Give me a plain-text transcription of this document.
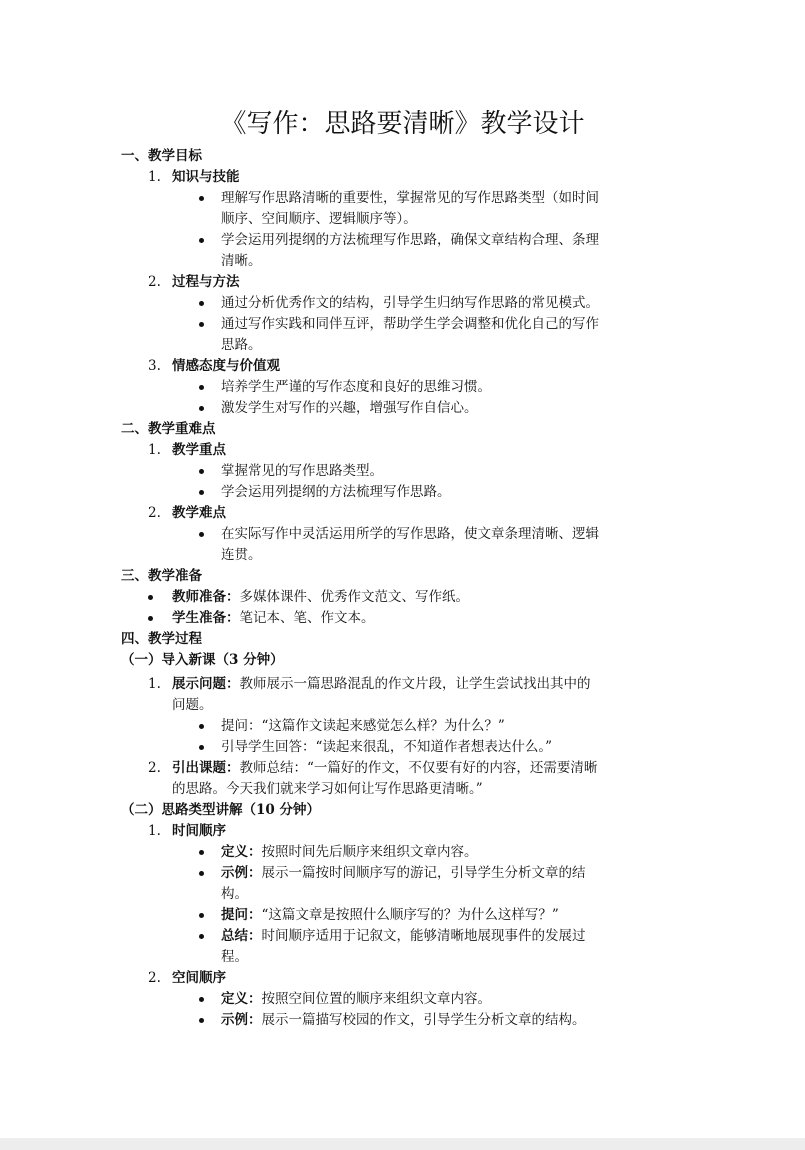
《写作：思路要清晰》教学设计
一、教学目标
1. 知识与技能
理解写作思路清晰的重要性，掌握常见的写作思路类型（如时间
顺序、空间顺序、逻辑顺序等）。
学会运用列提纲的方法梳理写作思路，确保文章结构合理、条理
清晰。
2. 过程与方法
通过分析优秀作文的结构，引导学生归纳写作思路的常见模式。
通过写作实践和同伴互评，帮助学生学会调整和优化自己的写作
思路。
3. 情感态度与价值观
培养学生严谨的写作态度和良好的思维习惯。
激发学生对写作的兴趣，增强写作自信心。
二、教学重难点
1. 教学重点
掌握常见的写作思路类型。
学会运用列提纲的方法梳理写作思路。
2. 教学难点
在实际写作中灵活运用所学的写作思路，使文章条理清晰、逻辑
连贯。
三、教学准备
教师准备：多媒体课件、优秀作文范文、写作纸。
学生准备：笔记本、笔、作文本。
四、教学过程
（一）导入新课（3 分钟）
1. 展示问题：教师展示一篇思路混乱的作文片段，让学生尝试找出其中的
问题。
提问：“这篇作文读起来感觉怎么样？为什么？”
引导学生回答：“读起来很乱，不知道作者想表达什么。”
2. 引出课题：教师总结：“一篇好的作文，不仅要有好的内容，还需要清晰
的思路。今天我们就来学习如何让写作思路更清晰。”
（二）思路类型讲解（10 分钟）
1. 时间顺序
定义：按照时间先后顺序来组织文章内容。
示例：展示一篇按时间顺序写的游记，引导学生分析文章的结
构。
提问：“这篇文章是按照什么顺序写的？为什么这样写？”
总结：时间顺序适用于记叙文，能够清晰地展现事件的发展过
程。
2. 空间顺序
定义：按照空间位置的顺序来组织文章内容。
示例：展示一篇描写校园的作文，引导学生分析文章的结构。
